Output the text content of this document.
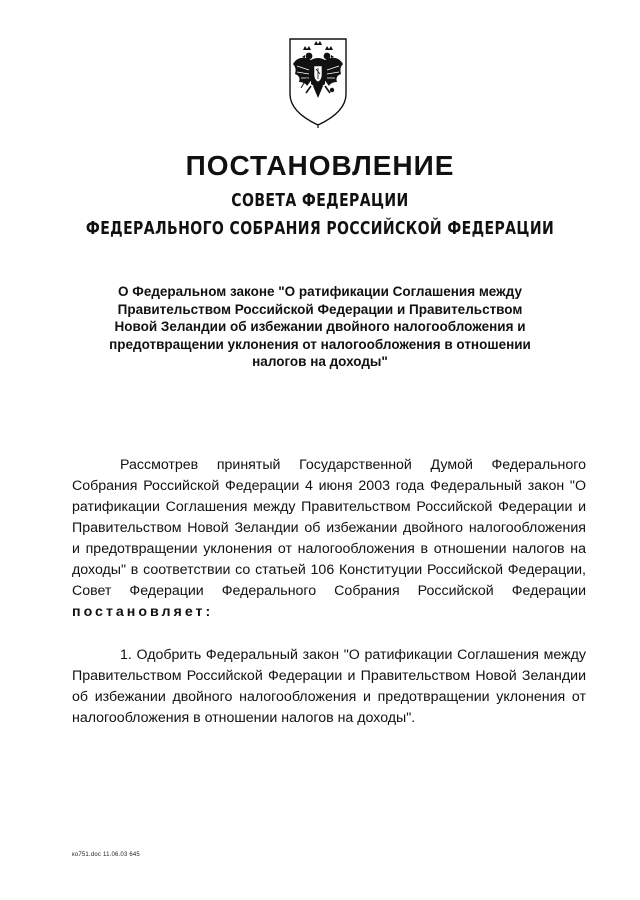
ПОСТАНОВЛЕНИЕ
СОВЕТА ФЕДЕРАЦИИ
ФЕДЕРАЛЬНОГО СОБРАНИЯ РОССИЙСКОЙ ФЕДЕРАЦИИ

О Федеральном законе "О ратификации Соглашения между Правительством Российской Федерации и Правительством Новой Зеландии об избежании двойного налогообложения и предотвращении уклонения от налогообложения в отношении налогов на доходы"

Рассмотрев принятый Государственной Думой Федерального Собрания Российской Федерации 4 июня 2003 года Федеральный закон "О ратификации Соглашения между Правительством Российской Федерации и Правительством Новой Зеландии об избежании двойного налогообложения и предотвращении уклонения от налогообложения в отношении налогов на доходы" в соответствии со статьей 106 Конституции Российской Федерации, Совет Федерации Федерального Собрания Российской Федерации постановляет:

1. Одобрить Федеральный закон "О ратификации Соглашения между Правительством Российской Федерации и Правительством Новой Зеландии об избежании двойного налогообложения и предотвращении уклонения от налогообложения в отношении налогов на доходы".

кo751.doc 11.06.03 645
